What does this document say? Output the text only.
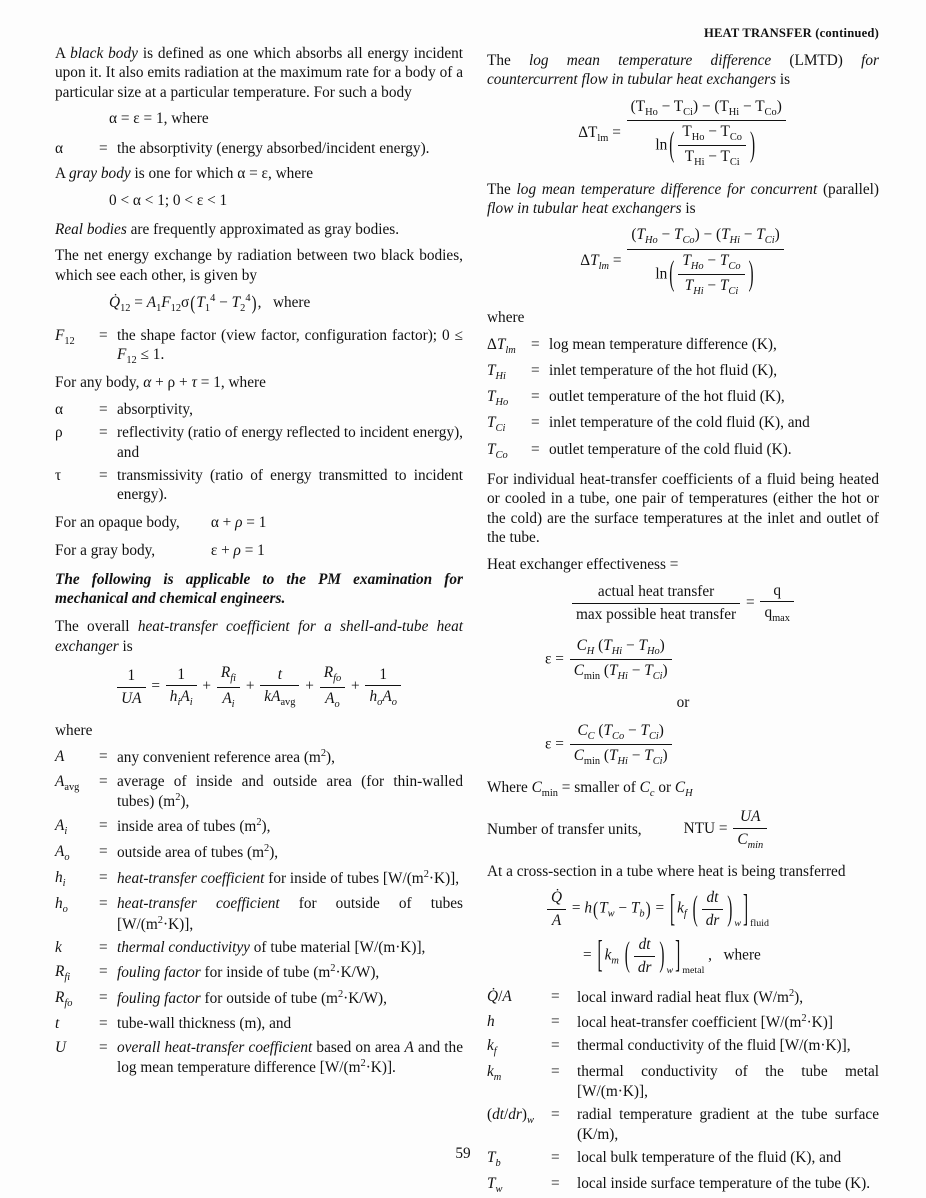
A black body is defined as one which absorbs all energy incident upon it. It also emits radiation at the maximum rate for a body of a particular size at a particular temperature. For such a body

α = ε = 1, where
α	= the absorptivity (energy absorbed/incident energy).

A gray body is one for which α = ε, where

0 < α < 1; 0 < ε < 1

Real bodies are frequently approximated as gray bodies.

The net energy exchange by radiation between two black bodies, which see each other, is given by

$Q̇_{12} = A_1F_{12}\sigma(T_1^4 - T_2^4)$,   where
$F_{12}$	= the shape factor (view factor, configuration factor); $0 \le F_{12} \le 1$.

For any body, α + ρ + τ = 1, where

α	= absorptivity,
ρ	= reflectivity (ratio of energy reflected to incident energy), and
τ	= transmissivity (ratio of energy transmitted to incident energy).
For an opaque body, α + ρ = 1
For a gray body,	ε + ρ = 1

The following is applicable to the PM examination for mechanical and chemical engineers.

The overall heat-transfer coefficient for a shell-and-tube heat exchanger is

$\frac{1}{UA} = \frac{1}{h_iA_i} + \frac{R_{fi}}{A_i} + \frac{t}{kA_{avg}} + \frac{R_{fo}}{A_o} + \frac{1}{h_oA_o}$

where

A	= any convenient reference area $(m^2)$,
$A_{avg}$	= average of inside and outside area (for thin-walled tubes) $(m^2)$,
$A_i$	= inside area of tubes $(m^2)$,
$A_o$	= outside area of tubes $(m^2)$,
$h_i$	= heat-transfer coefficient for inside of tubes $[W/(m^2\cdot K)]$,
$h_o$	= heat-transfer coefficient for outside of tubes $[W/(m^2\cdot K)]$,
k	= thermal conductivityy of tube material [W/(m·K)],
$R_{fi}$	= fouling factor for inside of tube $(m^2\cdot K/W)$,
$R_{fo}$	= fouling factor for outside of tube $(m^2\cdot K/W)$,
t	= tube-wall thickness (m), and
U	= overall heat-transfer coefficient based on area A and the log mean temperature difference $[W/(m^2\cdot K)]$.
HEAT TRANSFER (continued)

The log mean temperature difference (LMTD) for countercurrent flow in tubular heat exchangers is

$\Delta T_{lm} = \frac{(T_{Ho} - T_{Ci}) - (T_{Hi} - T_{Co})}{\ln ( \frac{T_{Ho} - T_{Co}}{T_{Hi} - T_{Ci}} )}$

The log mean temperature difference for concurrent (parallel) flow in tubular heat exchangers is

$\Delta T_{lm} = \frac{(T_{Ho} - T_{Co}) - (T_{Hi} - T_{Ci})}{\ln ( \frac{T_{Ho} - T_{Co}}{T_{Hi} - T_{Ci}} )}$

where

$\Delta T_{lm} = \log$ mean temperature difference (K),
$T_{Hi}$	= inlet temperature of the hot fluid (K),
$T_{Ho}$	= outlet temperature of the hot fluid (K),
$T_{Ci}$	= inlet temperature of the cold fluid (K), and
$T_{Co}$	= outlet temperature of the cold fluid (K).

For individual heat-transfer coefficients of a fluid being heated or cooled in a tube, one pair of temperatures (either the hot or the cold) are the surface temperatures at the inlet and outlet of the tube.

Heat exchanger effectiveness =

$\frac{\text{actual heat transfer}}{\text{max possible heat transfer}} = \frac{q}{q_{max}}$
$\varepsilon = \frac{C_H (T_{Hi} - T_{Ho})}{C_{min} (T_{Hi} - T_{Ci})}$
or
$\varepsilon = \frac{C_C (T_{Co} - T_{Ci})}{C_{min} (T_{Hi} - T_{Ci})}$

Where $C_{min}$ = smaller of $C_c$ or $C_H$

Number of transfer units,	NTU = $\frac{UA}{C_{min}}$

At a cross-section in a tube where heat is being transferred

$\frac{Q̇}{A} = h(T_w - T_b)$ = [ $k_f$ ( $\frac{dt}{dr}$ ) $_w$ ] $_{fluid}$
= [ $k_m$ ( $\frac{dt}{dr}$ ) $_w$ ] $_{metal}$ ,   where
Q̇/A	=	local inward radial heat flux $(W/m^2)$,
h	=	local heat-transfer coefficient $[W/(m^2\cdot K)]$
$k_f$	=	thermal conductivity of the fluid [W/(m·K)],
$k_m$	=	thermal conductivity of the tube metal [W/(m·K)],
$(dt/dr)_w$	=	radial temperature gradient at the tube surface (K/m),
$T_b$	=	local bulk temperature of the fluid (K), and
$T_w$	=	local inside surface temperature of the tube (K).
59
